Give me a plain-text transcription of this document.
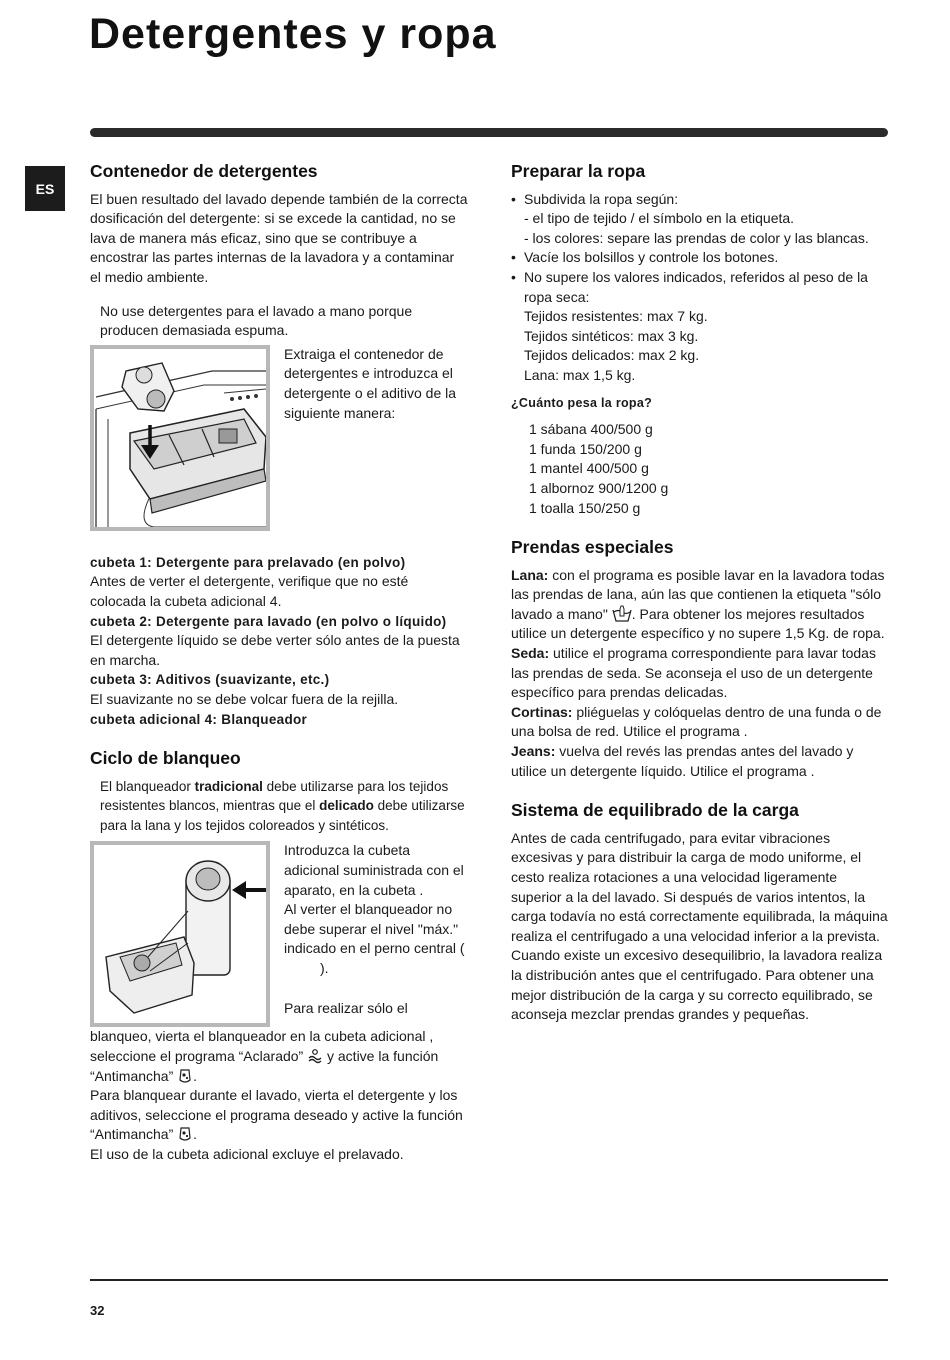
Detergentes y ropa
ES
Contenedor de detergentes

El buen resultado del lavado depende también de la correcta dosificación del detergente: si se excede la cantidad, no se lava de manera más eficaz, sino que se contribuye a encostrar las partes internas de la lavadora y a contaminar el medio ambiente.

No use detergentes para el lavado a mano porque producen demasiada espuma.

Extraiga el contenedor de detergentes e introduzca el detergente o el aditivo de la siguiente manera:

cubeta 1: Detergente para prelavado (en polvo)

Antes de verter el detergente, verifique que no esté colocada la cubeta adicional 4.

cubeta 2: Detergente para lavado (en polvo o líquido)

El detergente líquido se debe verter sólo antes de la puesta en marcha.

cubeta 3: Aditivos (suavizante, etc.)

El suavizante no se debe volcar fuera de la rejilla.

cubeta adicional 4: Blanqueador

Ciclo de blanqueo

El blanqueador tradicional debe utilizarse para los tejidos resistentes blancos, mientras que el delicado debe utilizarse para la lana y los tejidos coloreados y sintéticos.

Introduzca la cubeta adicional suministrada con el aparato, en la cubeta .

Al verter el blanqueador no debe superar el nivel "máx." indicado en el perno central (

).

Para realizar sólo el

blanqueo, vierta el blanqueador en la cubeta adicional , seleccione el programa “Aclarado”  y active la función “Antimancha” .

Para blanquear durante el lavado, vierta el detergente y los aditivos, seleccione el programa deseado y active la función “Antimancha” .

El uso de la cubeta adicional excluye el prelavado.

Preparar la ropa
• Subdivida la ropa según:
- el tipo de tejido / el símbolo en la etiqueta.
- los colores: separe las prendas de color y las blancas.
• Vacíe los bolsillos y controle los botones.
• No supere los valores indicados, referidos al peso de la ropa seca:
Tejidos resistentes: max 7 kg.
Tejidos sintéticos: max 3 kg.
Tejidos delicados: max 2 kg.
Lana: max 1,5 kg.
¿Cuánto pesa la ropa?
1 sábana 400/500 g
1 funda 150/200 g
1 mantel 400/500 g
1 albornoz 900/1200 g
1 toalla 150/250 g
Prendas especiales

Lana: con el programa es posible lavar en la lavadora todas las prendas de lana, aún las que contienen la etiqueta "sólo lavado a mano" . Para obtener los mejores resultados utilice un detergente específico y no supere 1,5 Kg. de ropa.

Seda: utilice el programa correspondiente para lavar todas las prendas de seda. Se aconseja el uso de un detergente específico para prendas delicadas.

Cortinas: pliéguelas y colóquelas dentro de una funda o de una bolsa de red. Utilice el programa .

Jeans: vuelva del revés las prendas antes del lavado y utilice un detergente líquido. Utilice el programa .

Sistema de equilibrado de la carga

Antes de cada centrifugado, para evitar vibraciones excesivas y para distribuir la carga de modo uniforme, el cesto realiza rotaciones a una velocidad ligeramente superior a la del lavado. Si después de varios intentos, la carga todavía no está correctamente equilibrada, la máquina realiza el centrifugado a una velocidad inferior a la prevista. Cuando existe un excesivo desequilibrio, la lavadora realiza la distribución antes que el centrifugado. Para obtener una mejor distribución de la carga y su correcto equilibrado, se aconseja mezclar prendas grandes y pequeñas.

32
